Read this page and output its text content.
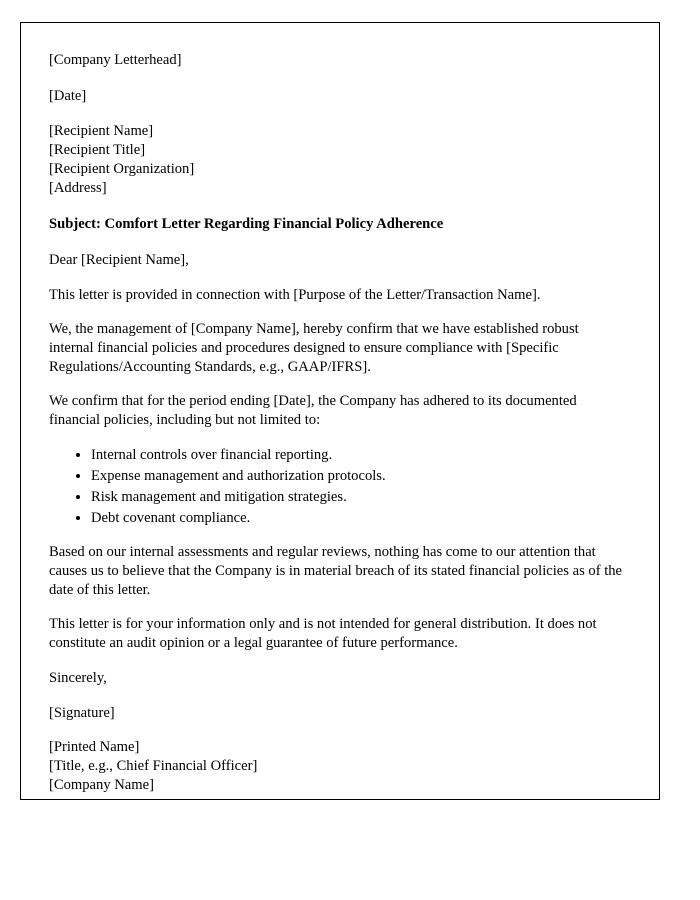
[Company Letterhead]
[Date]
[Recipient Name]
[Recipient Title]
[Recipient Organization]
[Address]
Subject: Comfort Letter Regarding Financial Policy Adherence
Dear [Recipient Name],
This letter is provided in connection with [Purpose of the Letter/Transaction Name].
We, the management of [Company Name], hereby confirm that we have established robust internal financial policies and procedures designed to ensure compliance with [Specific Regulations/Accounting Standards, e.g., GAAP/IFRS].
We confirm that for the period ending [Date], the Company has adhered to its documented financial policies, including but not limited to:
• Internal controls over financial reporting.
• Expense management and authorization protocols.
• Risk management and mitigation strategies.
• Debt covenant compliance.
Based on our internal assessments and regular reviews, nothing has come to our attention that causes us to believe that the Company is in material breach of its stated financial policies as of the date of this letter.
This letter is for your information only and is not intended for general distribution. It does not constitute an audit opinion or a legal guarantee of future performance.
Sincerely,
[Signature]
[Printed Name]
[Title, e.g., Chief Financial Officer]
[Company Name]
